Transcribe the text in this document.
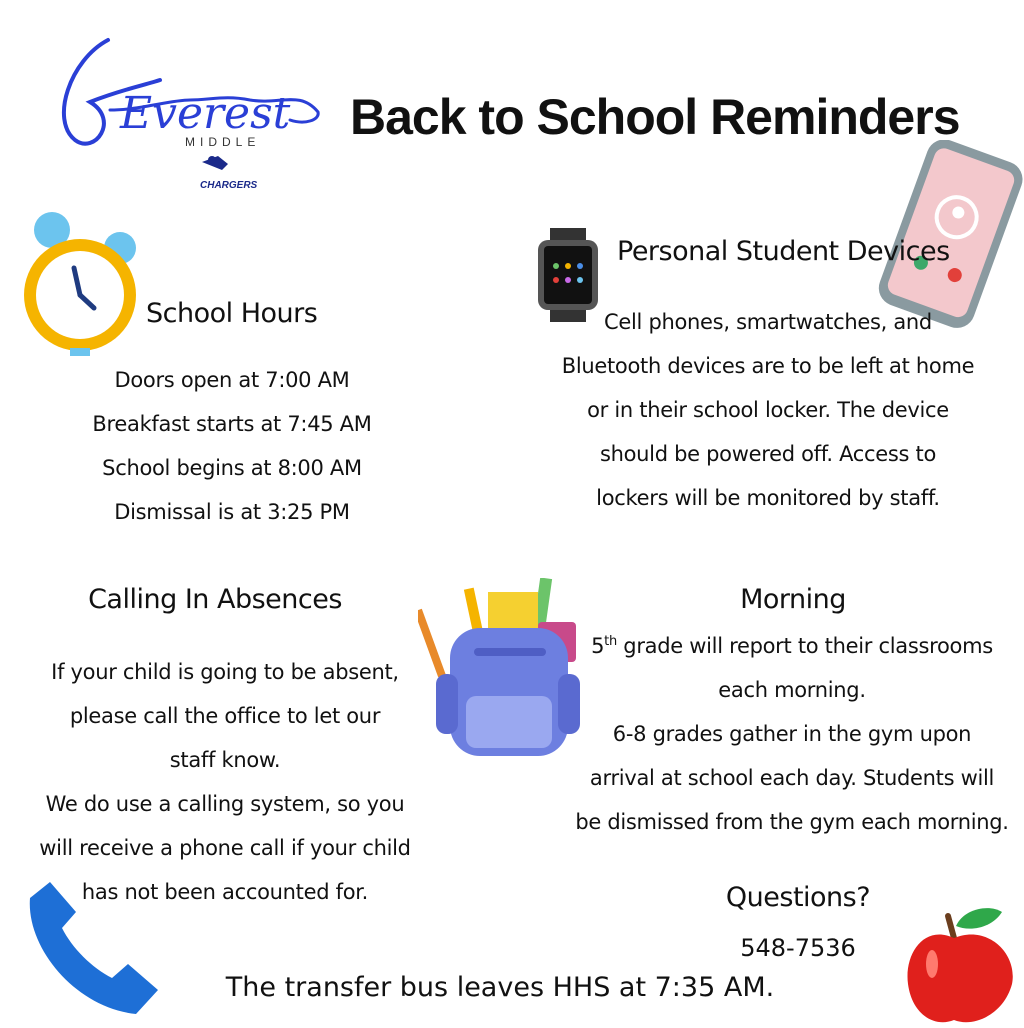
Everest
MIDDLE
CHARGERS
Back to School Reminders
School Hours
Doors open at 7:00 AM
Breakfast starts at 7:45 AM
School begins at 8:00 AM
Dismissal is at 3:25 PM
Personal Student Devices
Cell phones, smartwatches, and
Bluetooth devices are to be left at home
or in their school locker. The device
should be powered off. Access to
lockers will be monitored by staff.
Calling In Absences
If your child is going to be absent,
please call the office to let our
staff know.
We do use a calling system, so you
will receive a phone call if your child
has not been accounted for.
Morning
5th grade will report to their classrooms
each morning.
6-8 grades gather in the gym upon
arrival at school each day. Students will
be dismissed from the gym each morning.
Questions?
548-7536
The transfer bus leaves HHS at 7:35 AM.
